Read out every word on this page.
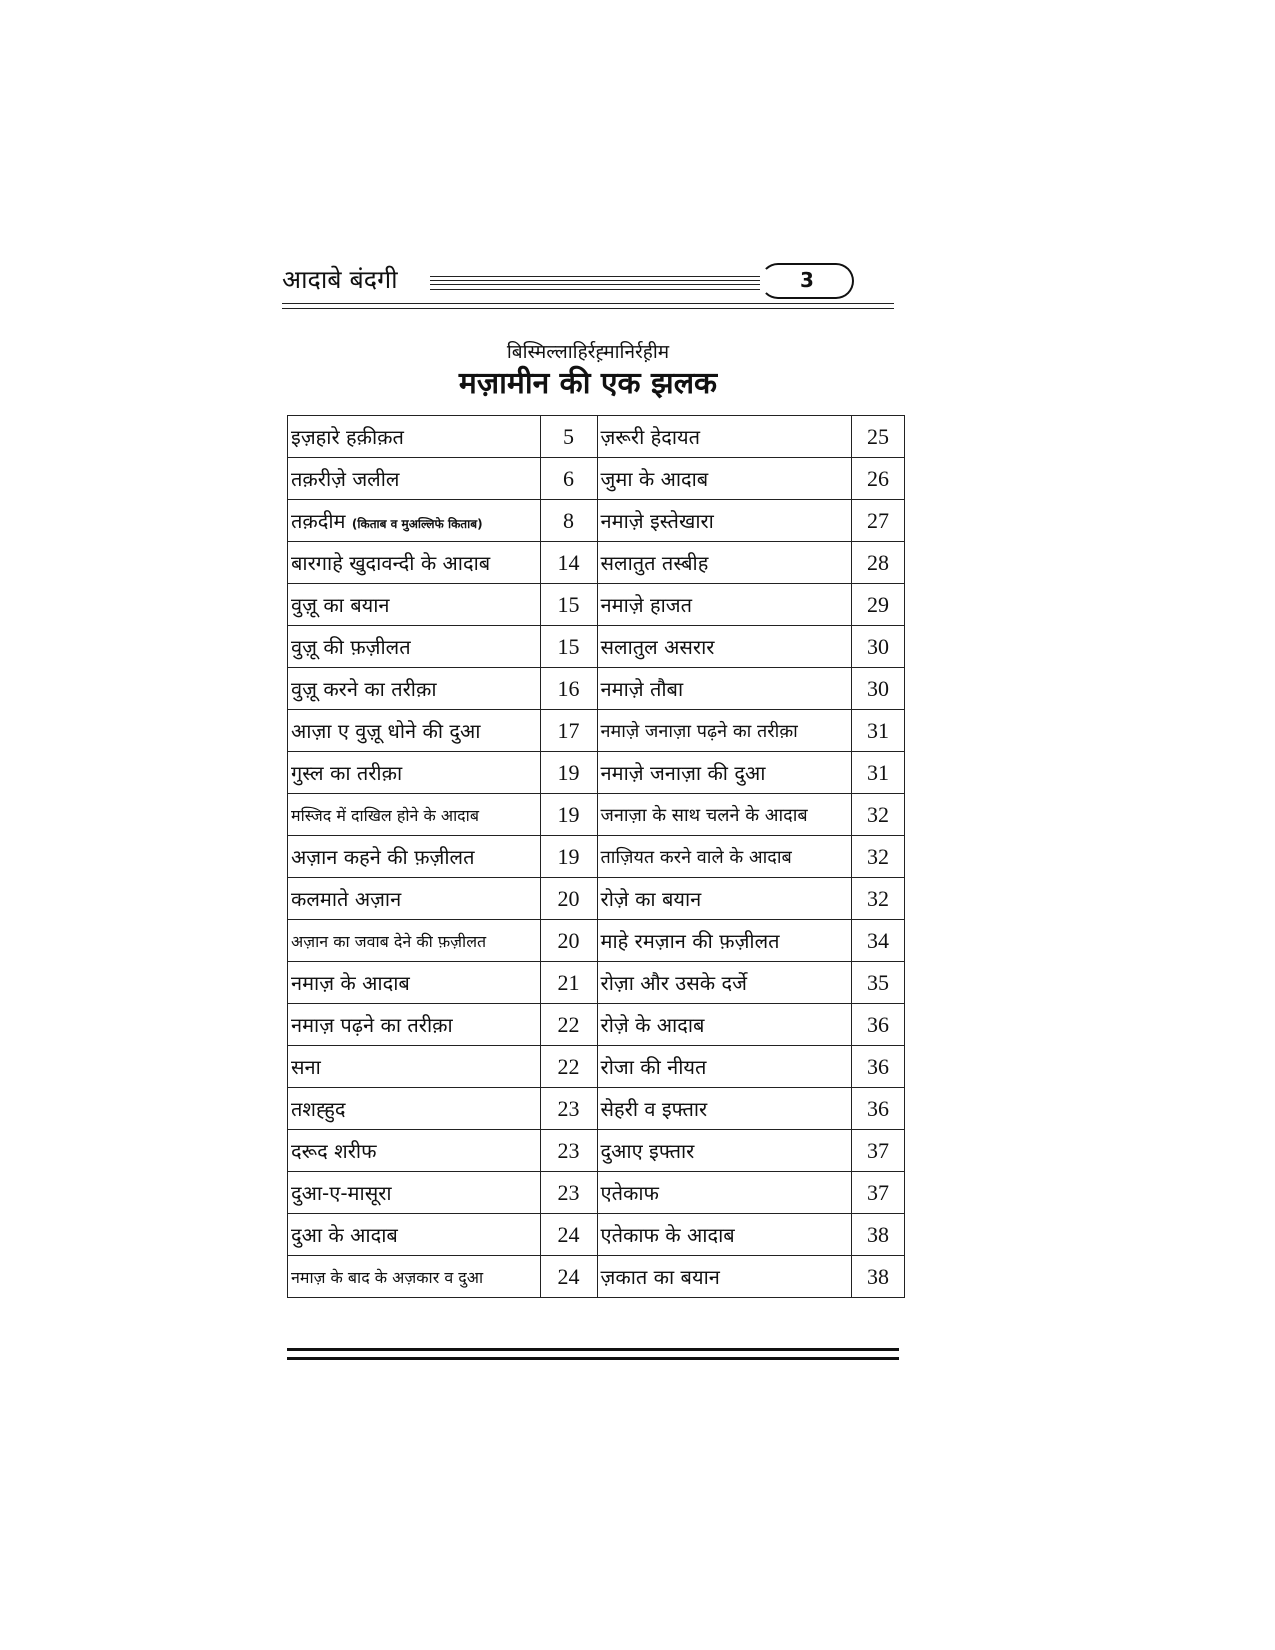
आदाबे बंदगी	3
बिस्मिल्लाहिर्रह़्मानिर्रह़ीम
मज़ामीन की एक झलक
इज़हारे हक़ीक़त	5	ज़रूरी हेदायत	25
तक़रीज़े जलील	6	जुमा के आदाब	26
तक़दीम (किताब व मुअल्लिफे किताब)	8	नमाज़े इस्तेखारा	27
बारगाहे खुदावन्दी के आदाब	14	सलातुत तस्बीह	28
वुज़ू का बयान	15	नमाज़े हाजत	29
वुज़ू की फ़ज़ीलत	15	सलातुल असरार	30
वुज़ू करने का तरीक़ा	16	नमाज़े तौबा	30
आज़ा ए वुज़ू धोने की दुआ	17	नमाज़े जनाज़ा पढ़ने का तरीक़ा	31
गुस्ल का तरीक़ा	19	नमाज़े जनाज़ा की दुआ	31
मस्जिद में दाखिल होने के आदाब	19	जनाज़ा के साथ चलने के आदाब	32
अज़ान कहने की फ़ज़ीलत	19	ताज़ियत करने वाले के आदाब	32
कलमाते अज़ान	20	रोज़े का बयान	32
अज़ान का जवाब देने की फ़ज़ीलत	20	माहे रमज़ान की फ़ज़ीलत	34
नमाज़ के आदाब	21	रोज़ा और उसके दर्जे	35
नमाज़ पढ़ने का तरीक़ा	22	रोज़े के आदाब	36
सना	22	रोजा की नीयत	36
तशह्हुद	23	सेहरी व इफ्तार	36
दरूद शरीफ	23	दुआए इफ्तार	37
दुआ-ए-मासूरा	23	एतेकाफ	37
दुआ के आदाब	24	एतेकाफ के आदाब	38
नमाज़ के बाद के अज़कार व दुआ	24	ज़कात का बयान	38
